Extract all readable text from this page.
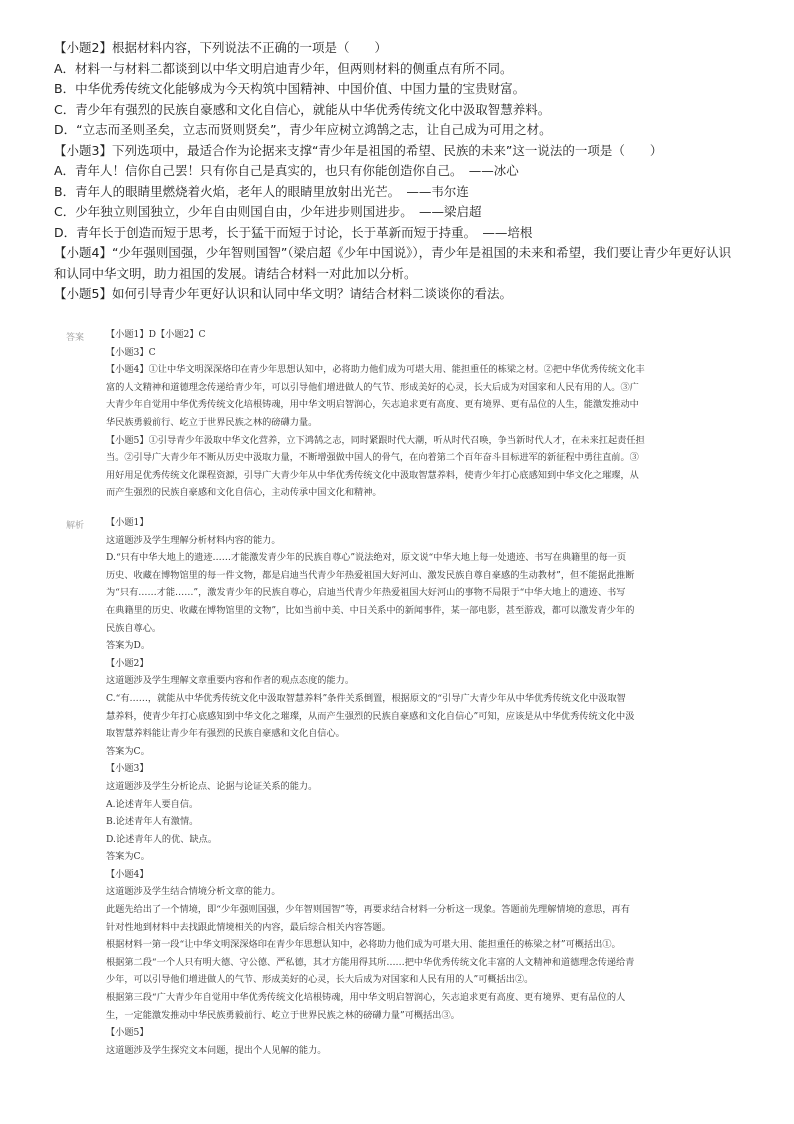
【小题2】根据材料内容，下列说法不正确的一项是（　　）
A．材料一与材料二都谈到以中华文明启迪青少年，但两则材料的侧重点有所不同。
B．中华优秀传统文化能够成为今天构筑中国精神、中国价值、中国力量的宝贵财富。
C．青少年有强烈的民族自豪感和文化自信心，就能从中华优秀传统文化中汲取智慧养料。
D．“立志而圣则圣矣，立志而贤则贤矣”，青少年应树立鸿鹄之志，让自己成为可用之材。
【小题3】下列选项中，最适合作为论据来支撑“青少年是祖国的希望、民族的未来”这一说法的一项是（　　）
A．青年人！信你自己罢！只有你自己是真实的，也只有你能创造你自己。　——冰心
B．青年人的眼睛里燃烧着火焰，老年人的眼睛里放射出光芒。　——韦尔连
C．少年独立则国独立，少年自由则国自由，少年进步则国进步。　——梁启超
D．青年长于创造而短于思考，长于猛干而短于讨论，长于革新而短于持重。　——培根
【小题4】“少年强则国强，少年智则国智”（梁启超《少年中国说》），青少年是祖国的未来和希望，我们要让青少年更好认识
和认同中华文明，助力祖国的发展。请结合材料一对此加以分析。
【小题5】如何引导青少年更好认识和认同中华文明？请结合材料二谈谈你的看法。
答案 【小题1】D【小题2】C
【小题3】C
【小题4】①让中华文明深深烙印在青少年思想认知中，必将助力他们成为可堪大用、能担重任的栋梁之材。②把中华优秀传统文化丰
富的人文精神和道德理念传递给青少年，可以引导他们增进做人的气节、形成美好的心灵，长大后成为对国家和人民有用的人。③广
大青少年自觉用中华优秀传统文化培根铸魂，用中华文明启智润心，矢志追求更有高度、更有境界、更有品位的人生，能激发推动中
华民族勇毅前行、屹立于世界民族之林的磅礴力量。
【小题5】①引导青少年汲取中华文化营养，立下鸿鹄之志，同时紧跟时代大潮，听从时代召唤，争当新时代人才，在未来扛起责任担
当。②引导广大青少年不断从历史中汲取力量，不断增强做中国人的骨气，在向着第二个百年奋斗目标进军的新征程中勇往直前。③
用好用足优秀传统文化课程资源，引导广大青少年从中华优秀传统文化中汲取智慧养料，使青少年打心底感知到中华文化之璀璨，从
而产生强烈的民族自豪感和文化自信心，主动传承中国文化和精神。
解析 【小题1】
这道题涉及学生理解分析材料内容的能力。
D.“只有中华大地上的遗迹……才能激发青少年的民族自尊心”说法绝对，原文说“中华大地上每一处遗迹、书写在典籍里的每一页
历史、收藏在博物馆里的每一件文物，都是启迪当代青少年热爱祖国大好河山、激发民族自尊自豪感的生动教材”，但不能据此推断
为“只有……才能……”，激发青少年的民族自尊心，启迪当代青少年热爱祖国大好河山的事物不局限于“中华大地上的遗迹、书写
在典籍里的历史、收藏在博物馆里的文物”，比如当前中美、中日关系中的新闻事件，某一部电影，甚至游戏，都可以激发青少年的
民族自尊心。
答案为D。
【小题2】
这道题涉及学生理解文章重要内容和作者的观点态度的能力。
C.“有……，就能从中华优秀传统文化中汲取智慧养料”条件关系倒置，根据原文的“引导广大青少年从中华优秀传统文化中汲取智
慧养料，使青少年打心底感知到中华文化之璀璨，从而产生强烈的民族自豪感和文化自信心”可知，应该是从中华优秀传统文化中汲
取智慧养料能让青少年有强烈的民族自豪感和文化自信心。
答案为C。
【小题3】
这道题涉及学生分析论点、论据与论证关系的能力。
A.论述青年人要自信。
B.论述青年人有激情。
D.论述青年人的优、缺点。
答案为C。
【小题4】
这道题涉及学生结合情境分析文章的能力。
此题先给出了一个情境，即“少年强则国强，少年智则国智”等，再要求结合材料一分析这一现象。答题前先理解情境的意思，再有
针对性地到材料中去找跟此情境相关的内容，最后综合相关内容答题。
根据材料一第一段“让中华文明深深烙印在青少年思想认知中，必将助力他们成为可堪大用、能担重任的栋梁之材”可概括出①。
根据第二段“一个人只有明大德、守公德、严私德，其才方能用得其所……把中华优秀传统文化丰富的人文精神和道德理念传递给青
少年，可以引导他们增进做人的气节、形成美好的心灵，长大后成为对国家和人民有用的人”可概括出②。
根据第三段“广大青少年自觉用中华优秀传统文化培根铸魂，用中华文明启智润心，矢志追求更有高度、更有境界、更有品位的人
生，一定能激发推动中华民族勇毅前行、屹立于世界民族之林的磅礴力量”可概括出③。
【小题5】
这道题涉及学生探究文本问题，提出个人见解的能力。
